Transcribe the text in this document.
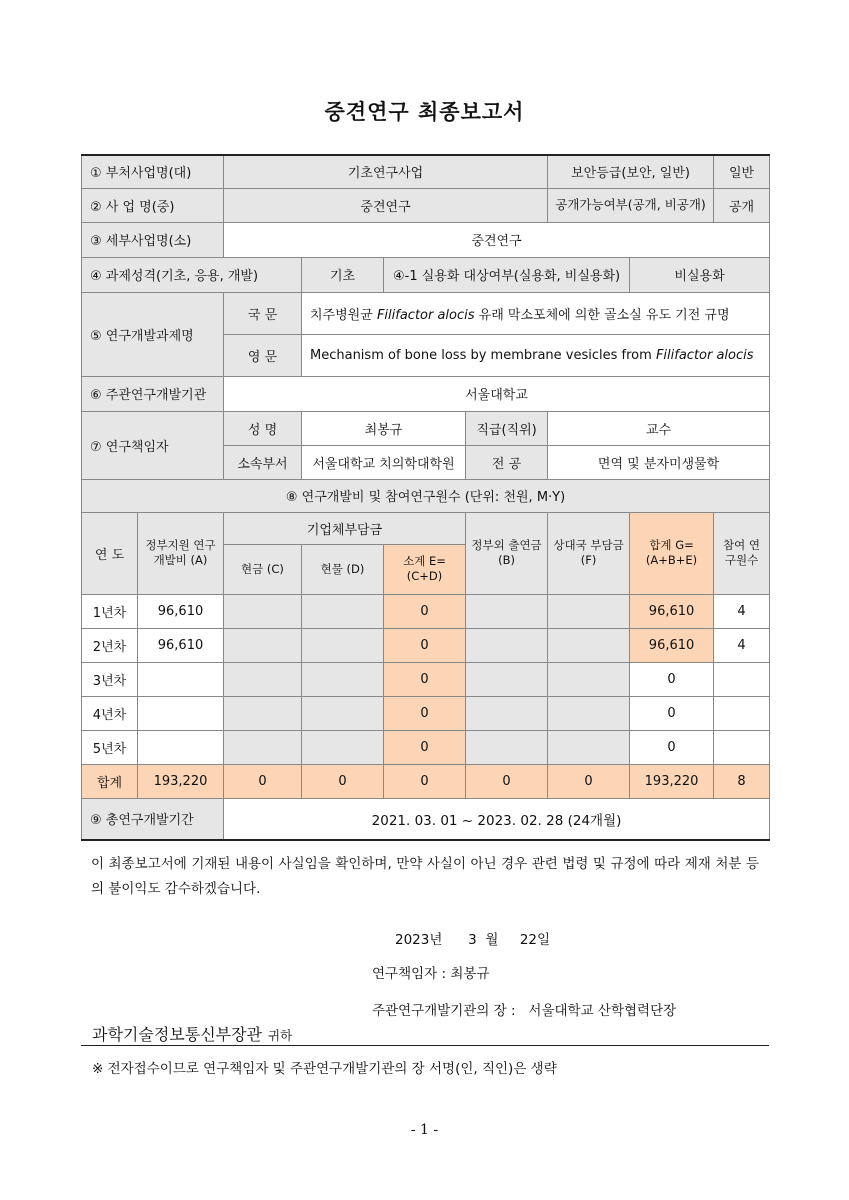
중견연구 최종보고서
① 부처사업명(대)		기초연구사업				보안등급(보안, 일반)		일반
② 사 업 명(중)		중견연구				공개가능여부(공개, 비공개)		공개
③ 세부사업명(소)		중견연구						
④ 과제성격(기초, 응용, 개발)			기초	④-1 실용화 대상여부(실용화, 비실용화)			비실용화	
⑤ 연구개발과제명		국 문	치주병원균 Filifactor alocis 유래 막소포체에 의한 골소실 유도 기전 규명					
		영 문	Mechanism of bone loss by membrane vesicles from Filifactor alocis					
⑥ 주관연구개발기관		서울대학교						
⑦ 연구책임자		성 명	최봉규		직급(직위)	교수		
		소속부서	서울대학교 치의학대학원		전 공	면역 및 분자미생물학		
⑧ 연구개발비 및 참여연구원수 (단위: 천원, M·Y)								
연 도	정부지원 연구개발비 (A)	기업체부담금			정부외 출연금 (B)	상대국 부담금 (F)	합계 G=(A+B+E)	참여 연구원수
		현금 (C)	현물 (D)	소계 E=(C+D)				
1년차	96,610			0			96,610	4
2년차	96,610			0			96,610	4
3년차				0			0	
4년차				0			0	
5년차				0			0	
합계	193,220	0	0	0	0	0	193,220	8
⑨ 총연구개발기간		2021. 03. 01 ~ 2023. 02. 28 (24개월)						
이 최종보고서에 기재된 내용이 사실임을 확인하며, 만약 사실이 아닌 경우 관련 법령 및 규정에 따라 제재 처분 등의 불이익도 감수하겠습니다.
2023년      3  월     22일
연구책임자 : 최봉규
주관연구개발기관의 장 :   서울대학교 산학협력단장
과학기술정보통신부장관 귀하
※ 전자접수이므로 연구책임자 및 주관연구개발기관의 장 서명(인, 직인)은 생략
- 1 -
